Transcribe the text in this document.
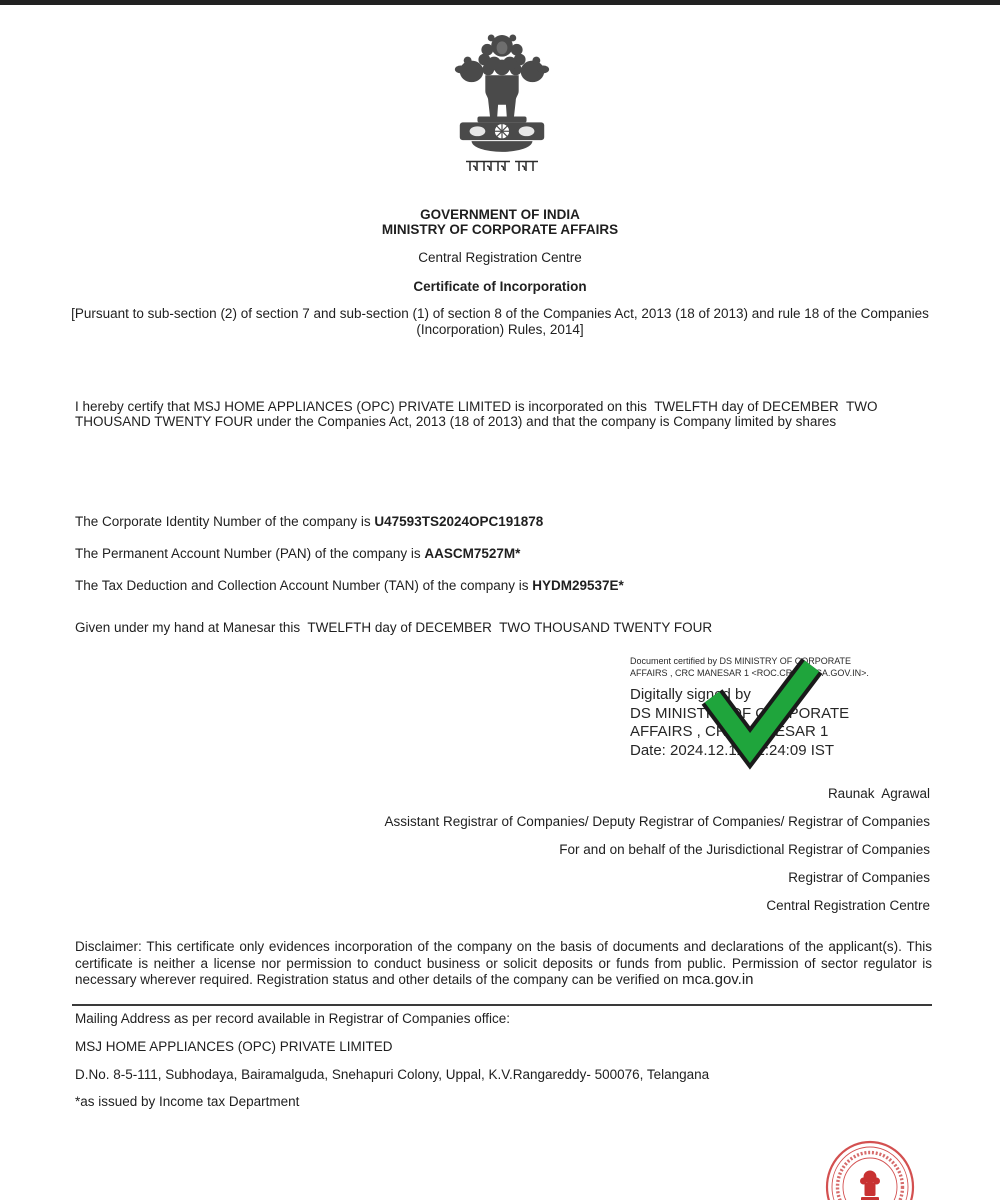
GOVERNMENT OF INDIA
MINISTRY OF CORPORATE AFFAIRS
Central Registration Centre
Certificate of Incorporation
[Pursuant to sub-section (2) of section 7 and sub-section (1) of section 8 of the Companies Act, 2013 (18 of 2013) and rule 18 of the Companies (Incorporation) Rules, 2014]
I hereby certify that MSJ HOME APPLIANCES (OPC) PRIVATE LIMITED is incorporated on this  TWELFTH day of DECEMBER  TWO THOUSAND TWENTY FOUR under the Companies Act, 2013 (18 of 2013) and that the company is Company limited by shares
The Corporate Identity Number of the company is U47593TS2024OPC191878
The Permanent Account Number (PAN) of the company is AASCM7527M*
The Tax Deduction and Collection Account Number (TAN) of the company is HYDM29537E*
Given under my hand at Manesar this  TWELFTH day of DECEMBER  TWO THOUSAND TWENTY FOUR
Document certified by DS MINISTRY OF CORPORATE AFFAIRS , CRC MANESAR 1 <ROC.CRC@MCA.GOV.IN>.
Digitally signed by
DS MINISTRY OF CORPORATE
AFFAIRS , CRC MANESAR 1
Date: 2024.12.12 11:24:09 IST
Raunak  Agrawal
Assistant Registrar of Companies/ Deputy Registrar of Companies/ Registrar of Companies
For and on behalf of the Jurisdictional Registrar of Companies
Registrar of Companies
Central Registration Centre
Disclaimer: This certificate only evidences incorporation of the company on the basis of documents and declarations of the applicant(s). This certificate is neither a license nor permission to conduct business or solicit deposits or funds from public. Permission of sector regulator is necessary wherever required. Registration status and other details of the company can be verified on mca.gov.in
Mailing Address as per record available in Registrar of Companies office:
MSJ HOME APPLIANCES (OPC) PRIVATE LIMITED
D.No. 8-5-111, Subhodaya, Bairamalguda, Snehapuri Colony, Uppal, K.V.Rangareddy- 500076, Telangana
*as issued by Income tax Department
